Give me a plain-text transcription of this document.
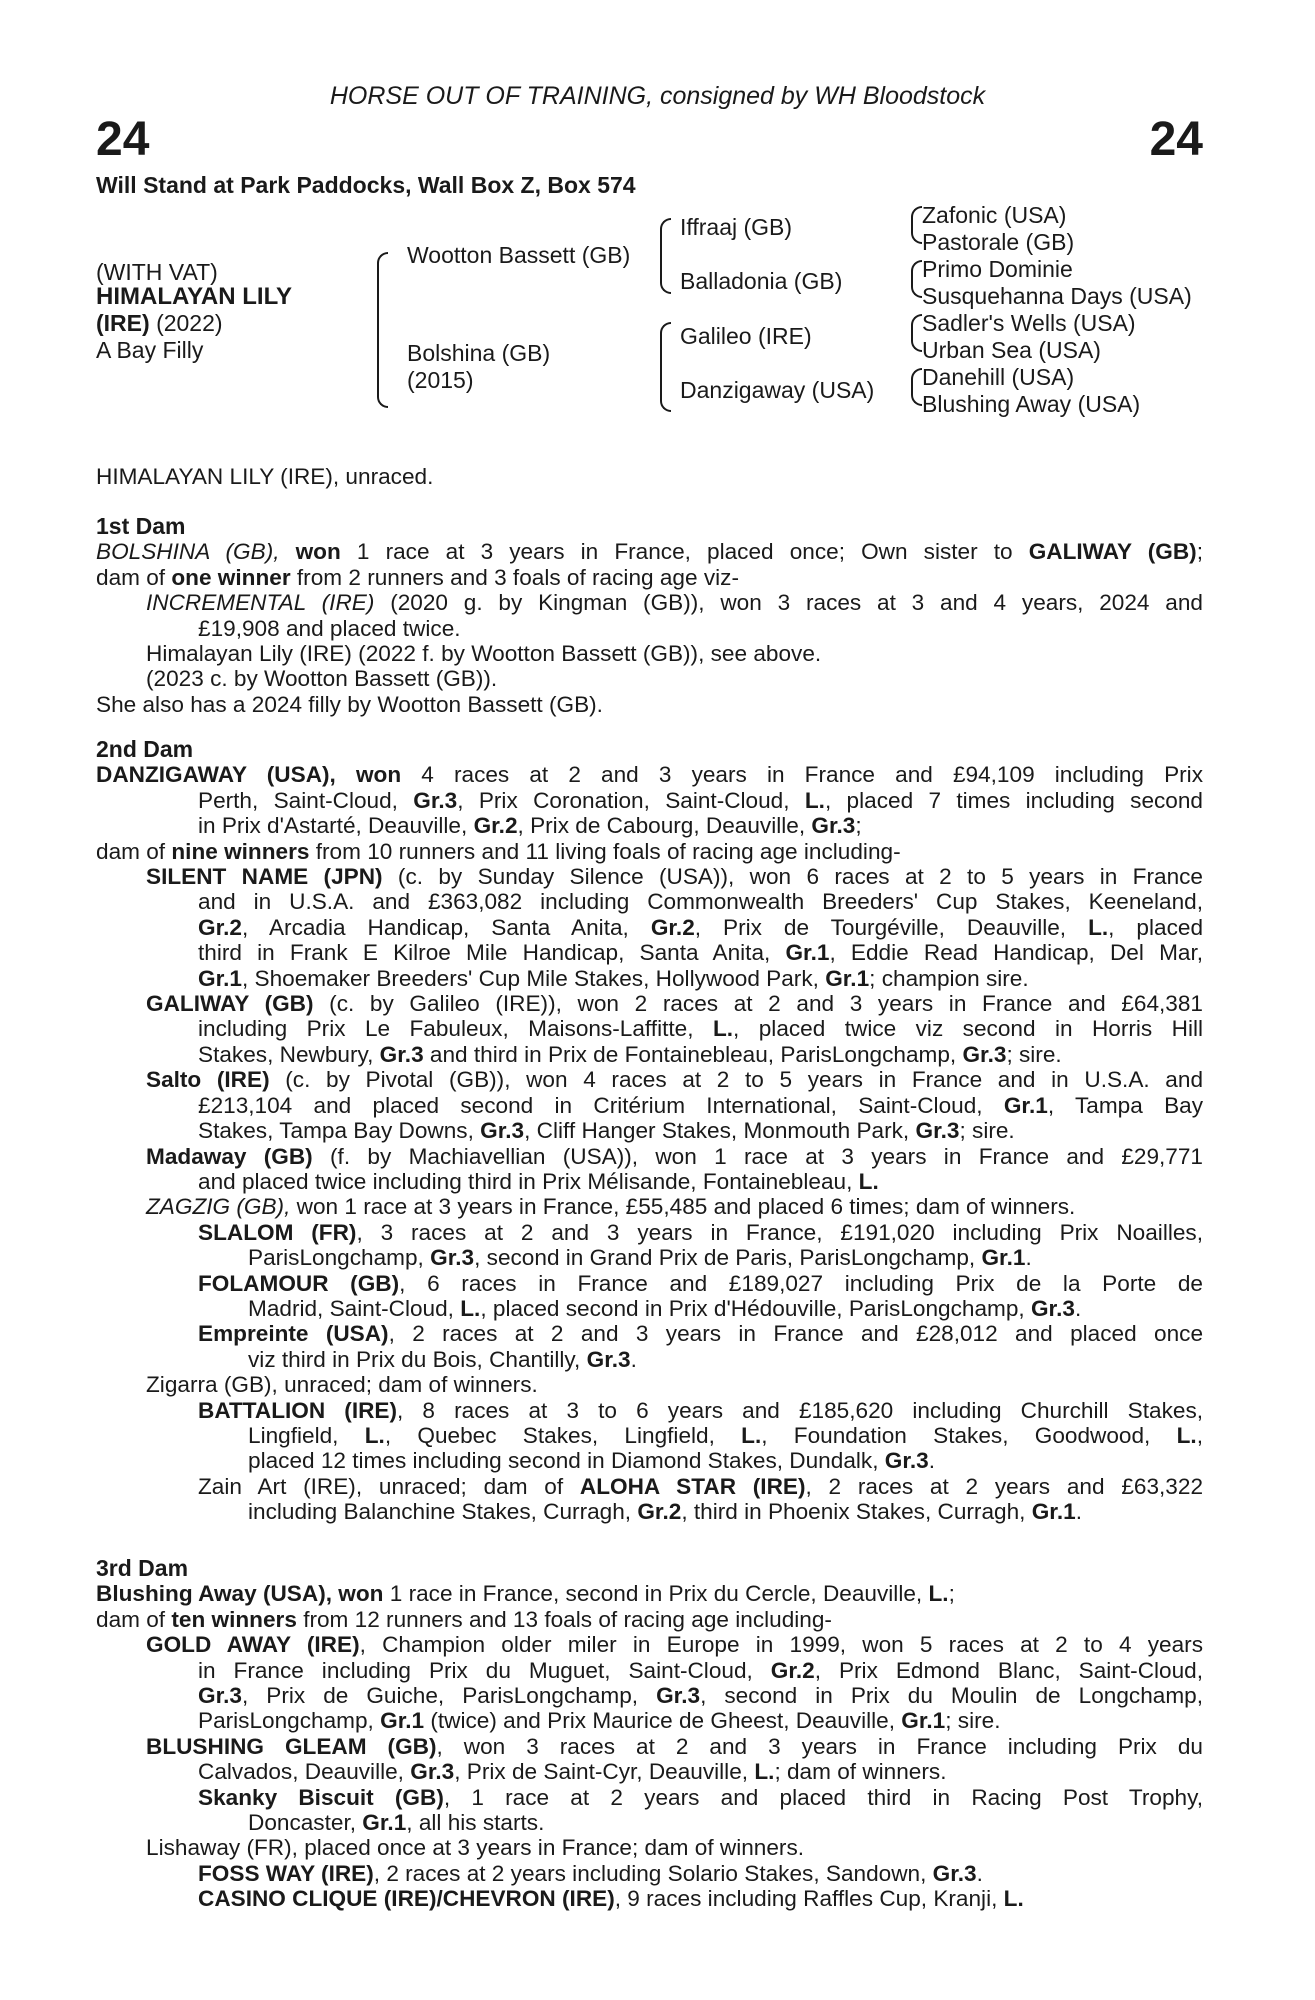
HORSE OUT OF TRAINING, consigned by WH Bloodstock
24	24
Will Stand at Park Paddocks, Wall Box Z, Box 574
(WITH VAT)
HIMALAYAN LILY
(IRE) (2022)
A Bay Filly
Wootton Bassett (GB)
Bolshina (GB)
(2015)
Iffraaj (GB)
Balladonia (GB)
Galileo (IRE)
Danzigaway (USA)
Zafonic (USA)
Pastorale (GB)
Primo Dominie
Susquehanna Days (USA)
Sadler's Wells (USA)
Urban Sea (USA)
Danehill (USA)
Blushing Away (USA)
HIMALAYAN LILY (IRE), unraced.
1st Dam
BOLSHINA (GB), won 1 race at 3 years in France, placed once; Own sister to GALIWAY (GB);
dam of one winner from 2 runners and 3 foals of racing age viz-
INCREMENTAL (IRE) (2020 g. by Kingman (GB)), won 3 races at 3 and 4 years, 2024 and
£19,908 and placed twice.
Himalayan Lily (IRE) (2022 f. by Wootton Bassett (GB)), see above.
(2023 c. by Wootton Bassett (GB)).
She also has a 2024 filly by Wootton Bassett (GB).
2nd Dam
DANZIGAWAY (USA), won 4 races at 2 and 3 years in France and £94,109 including Prix
Perth, Saint-Cloud, Gr.3, Prix Coronation, Saint-Cloud, L., placed 7 times including second
in Prix d'Astarté, Deauville, Gr.2, Prix de Cabourg, Deauville, Gr.3;
dam of nine winners from 10 runners and 11 living foals of racing age including-
SILENT NAME (JPN) (c. by Sunday Silence (USA)), won 6 races at 2 to 5 years in France
and in U.S.A. and £363,082 including Commonwealth Breeders' Cup Stakes, Keeneland,
Gr.2, Arcadia Handicap, Santa Anita, Gr.2, Prix de Tourgéville, Deauville, L., placed
third in Frank E Kilroe Mile Handicap, Santa Anita, Gr.1, Eddie Read Handicap, Del Mar,
Gr.1, Shoemaker Breeders' Cup Mile Stakes, Hollywood Park, Gr.1; champion sire.
GALIWAY (GB) (c. by Galileo (IRE)), won 2 races at 2 and 3 years in France and £64,381
including Prix Le Fabuleux, Maisons-Laffitte, L., placed twice viz second in Horris Hill
Stakes, Newbury, Gr.3 and third in Prix de Fontainebleau, ParisLongchamp, Gr.3; sire.
Salto (IRE) (c. by Pivotal (GB)), won 4 races at 2 to 5 years in France and in U.S.A. and
£213,104 and placed second in Critérium International, Saint-Cloud, Gr.1, Tampa Bay
Stakes, Tampa Bay Downs, Gr.3, Cliff Hanger Stakes, Monmouth Park, Gr.3; sire.
Madaway (GB) (f. by Machiavellian (USA)), won 1 race at 3 years in France and £29,771
and placed twice including third in Prix Mélisande, Fontainebleau, L.
ZAGZIG (GB), won 1 race at 3 years in France, £55,485 and placed 6 times; dam of winners.
SLALOM (FR), 3 races at 2 and 3 years in France, £191,020 including Prix Noailles,
ParisLongchamp, Gr.3, second in Grand Prix de Paris, ParisLongchamp, Gr.1.
FOLAMOUR (GB), 6 races in France and £189,027 including Prix de la Porte de
Madrid, Saint-Cloud, L., placed second in Prix d'Hédouville, ParisLongchamp, Gr.3.
Empreinte (USA), 2 races at 2 and 3 years in France and £28,012 and placed once
viz third in Prix du Bois, Chantilly, Gr.3.
Zigarra (GB), unraced; dam of winners.
BATTALION (IRE), 8 races at 3 to 6 years and £185,620 including Churchill Stakes,
Lingfield, L., Quebec Stakes, Lingfield, L., Foundation Stakes, Goodwood, L.,
placed 12 times including second in Diamond Stakes, Dundalk, Gr.3.
Zain Art (IRE), unraced; dam of ALOHA STAR (IRE), 2 races at 2 years and £63,322
including Balanchine Stakes, Curragh, Gr.2, third in Phoenix Stakes, Curragh, Gr.1.
3rd Dam
Blushing Away (USA), won 1 race in France, second in Prix du Cercle, Deauville, L.;
dam of ten winners from 12 runners and 13 foals of racing age including-
GOLD AWAY (IRE), Champion older miler in Europe in 1999, won 5 races at 2 to 4 years
in France including Prix du Muguet, Saint-Cloud, Gr.2, Prix Edmond Blanc, Saint-Cloud,
Gr.3, Prix de Guiche, ParisLongchamp, Gr.3, second in Prix du Moulin de Longchamp,
ParisLongchamp, Gr.1 (twice) and Prix Maurice de Gheest, Deauville, Gr.1; sire.
BLUSHING GLEAM (GB), won 3 races at 2 and 3 years in France including Prix du
Calvados, Deauville, Gr.3, Prix de Saint-Cyr, Deauville, L.; dam of winners.
Skanky Biscuit (GB), 1 race at 2 years and placed third in Racing Post Trophy,
Doncaster, Gr.1, all his starts.
Lishaway (FR), placed once at 3 years in France; dam of winners.
FOSS WAY (IRE), 2 races at 2 years including Solario Stakes, Sandown, Gr.3.
CASINO CLIQUE (IRE)/CHEVRON (IRE), 9 races including Raffles Cup, Kranji, L.
